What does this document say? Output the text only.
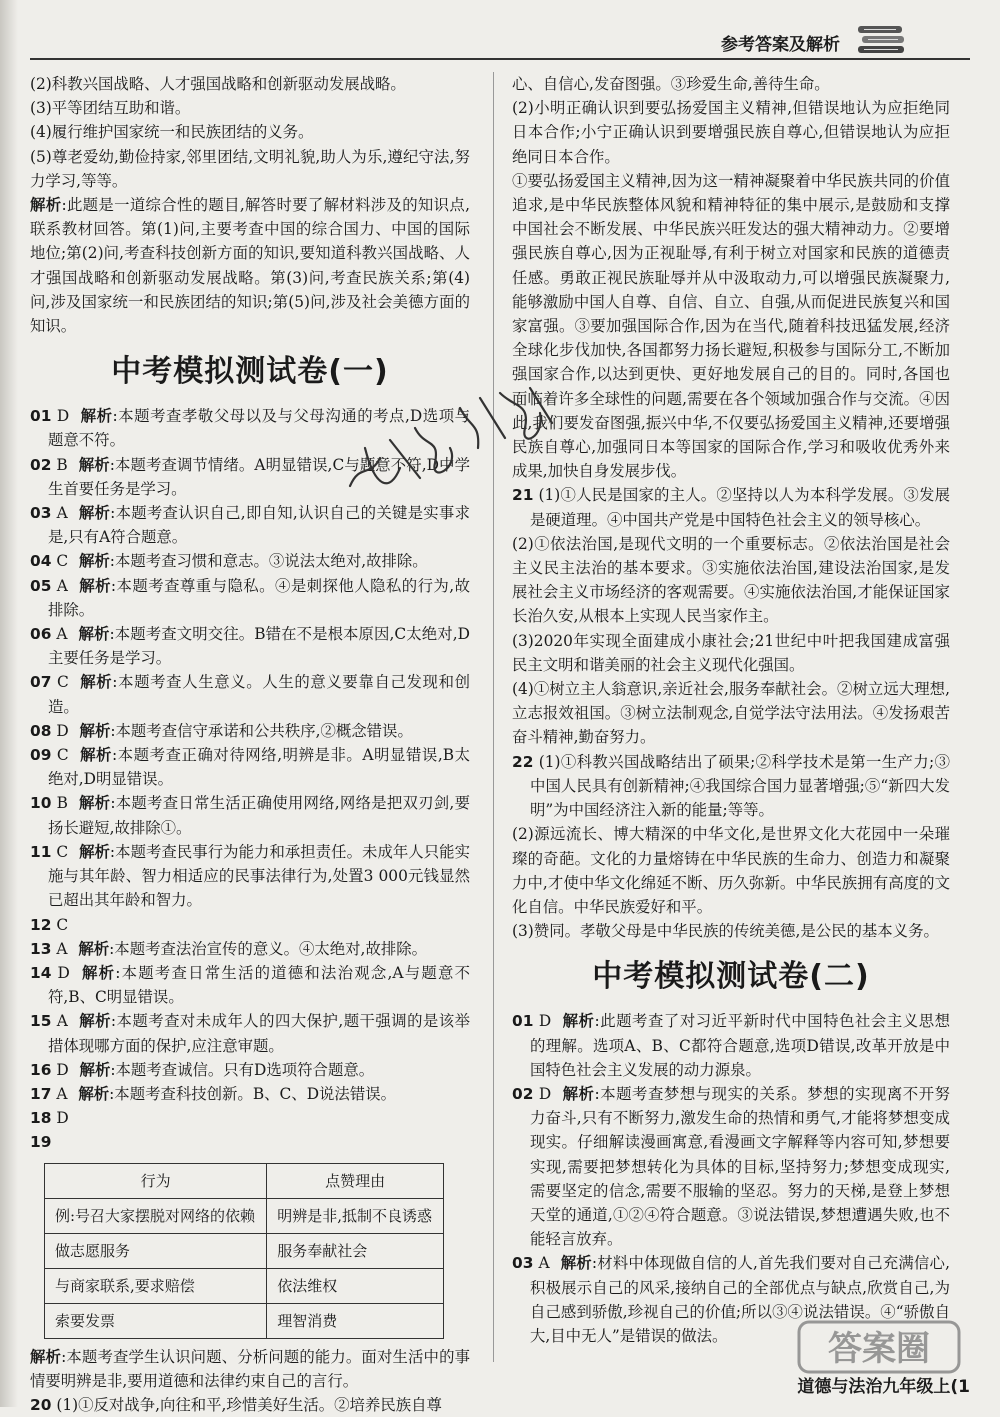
参考答案及解析

(2)科教兴国战略、人才强国战略和创新驱动发展战略。

(3)平等团结互助和谐。

(4)履行维护国家统一和民族团结的义务。

(5)尊老爱幼,勤俭持家,邻里团结,文明礼貌,助人为乐,遵纪守法,努力学习,等等。

解析:此题是一道综合性的题目,解答时要了解材料涉及的知识点,联系教材回答。第(1)问,主要考查中国的综合国力、中国的国际地位;第(2)问,考查科技创新方面的知识,要知道科教兴国战略、人才强国战略和创新驱动发展战略。第(3)问,考查民族关系;第(4)问,涉及国家统一和民族团结的知识;第(5)问,涉及社会美德方面的知识。

中考模拟测试卷(一)

01 D 解析:本题考查孝敬父母以及与父母沟通的考点,D选项与题意不符。

02 B 解析:本题考查调节情绪。A明显错误,C与题意不符,D中学生首要任务是学习。

03 A 解析:本题考查认识自己,即自知,认识自己的关键是实事求是,只有A符合题意。

04 C 解析:本题考查习惯和意志。③说法太绝对,故排除。

05 A 解析:本题考查尊重与隐私。④是刺探他人隐私的行为,故排除。

06 A 解析:本题考查文明交往。B错在不是根本原因,C太绝对,D主要任务是学习。

07 C 解析:本题考查人生意义。人生的意义要靠自己发现和创造。

08 D 解析:本题考查信守承诺和公共秩序,②概念错误。

09 C 解析:本题考查正确对待网络,明辨是非。A明显错误,B太绝对,D明显错误。

10 B 解析:本题考查日常生活正确使用网络,网络是把双刃剑,要扬长避短,故排除①。

11 C 解析:本题考查民事行为能力和承担责任。未成年人只能实施与其年龄、智力相适应的民事法律行为,处置3 000元钱显然已超出其年龄和智力。

12 C

13 A 解析:本题考查法治宣传的意义。④太绝对,故排除。

14 D 解析:本题考查日常生活的道德和法治观念,A与题意不符,B、C明显错误。

15 A 解析:本题考查对未成年人的四大保护,题干强调的是该举措体现哪方面的保护,应注意审题。

16 D 解析:本题考查诚信。只有D选项符合题意。

17 A 解析:本题考查科技创新。B、C、D说法错误。

18 D

19

行为	点赞理由
例:号召大家摆脱对网络的依赖	明辨是非,抵制不良诱惑
做志愿服务	服务奉献社会
与商家联系,要求赔偿	依法维权
索要发票	理智消费

解析:本题考查学生认识问题、分析问题的能力。面对生活中的事情要明辨是非,要用道德和法律约束自己的言行。

20 (1)①反对战争,向往和平,珍惜美好生活。②培养民族自尊

心、自信心,发奋图强。③珍爱生命,善待生命。

(2)小明正确认识到要弘扬爱国主义精神,但错误地认为应拒绝同日本合作;小宁正确认识到要增强民族自尊心,但错误地认为应拒绝同日本合作。

①要弘扬爱国主义精神,因为这一精神凝聚着中华民族共同的价值追求,是中华民族整体风貌和精神特征的集中展示,是鼓励和支撑中国社会不断发展、中华民族兴旺发达的强大精神动力。②要增强民族自尊心,因为正视耻辱,有利于树立对国家和民族的道德责任感。勇敢正视民族耻辱并从中汲取动力,可以增强民族凝聚力,能够激励中国人自尊、自信、自立、自强,从而促进民族复兴和国家富强。③要加强国际合作,因为在当代,随着科技迅猛发展,经济全球化步伐加快,各国都努力扬长避短,积极参与国际分工,不断加强国家合作,以达到更快、更好地发展自己的目的。同时,各国也面临着许多全球性的问题,需要在各个领域加强合作与交流。④因此,我们要发奋图强,振兴中华,不仅要弘扬爱国主义精神,还要增强民族自尊心,加强同日本等国家的国际合作,学习和吸收优秀外来成果,加快自身发展步伐。

21 (1)①人民是国家的主人。②坚持以人为本科学发展。③发展是硬道理。④中国共产党是中国特色社会主义的领导核心。

(2)①依法治国,是现代文明的一个重要标志。②依法治国是社会主义民主法治的基本要求。③实施依法治国,建设法治国家,是发展社会主义市场经济的客观需要。④实施依法治国,才能保证国家长治久安,从根本上实现人民当家作主。

(3)2020年实现全面建成小康社会;21世纪中叶把我国建成富强民主文明和谐美丽的社会主义现代化强国。

(4)①树立主人翁意识,亲近社会,服务奉献社会。②树立远大理想,立志报效祖国。③树立法制观念,自觉学法守法用法。④发扬艰苦奋斗精神,勤奋努力。

22 (1)①科教兴国战略结出了硕果;②科学技术是第一生产力;③中国人民具有创新精神;④我国综合国力显著增强;⑤“新四大发明”为中国经济注入新的能量;等等。

(2)源远流长、博大精深的中华文化,是世界文化大花园中一朵璀璨的奇葩。文化的力量熔铸在中华民族的生命力、创造力和凝聚力中,才使中华文化绵延不断、历久弥新。中华民族拥有高度的文化自信。中华民族爱好和平。

(3)赞同。孝敬父母是中华民族的传统美德,是公民的基本义务。

中考模拟测试卷(二)

01 D 解析:此题考查了对习近平新时代中国特色社会主义思想的理解。选项A、B、C都符合题意,选项D错误,改革开放是中国特色社会主义发展的动力源泉。

02 D 解析:本题考查梦想与现实的关系。梦想的实现离不开努力奋斗,只有不断努力,激发生命的热情和勇气,才能将梦想变成现实。仔细解读漫画寓意,看漫画文字解释等内容可知,梦想要实现,需要把梦想转化为具体的目标,坚持努力;梦想变成现实,需要坚定的信念,需要不服输的坚忍。努力的天梯,是登上梦想天堂的通道,①②④符合题意。③说法错误,梦想遭遇失败,也不能轻言放弃。

03 A 解析:材料中体现做自信的人,首先我们要对自己充满信心,积极展示自己的风采,接纳自己的全部优点与缺点,欣赏自己,为自己感到骄傲,珍视自己的价值;所以③④说法错误。④“骄傲自大,目中无人”是错误的做法。

道德与法治九年级上(1
答案圈
